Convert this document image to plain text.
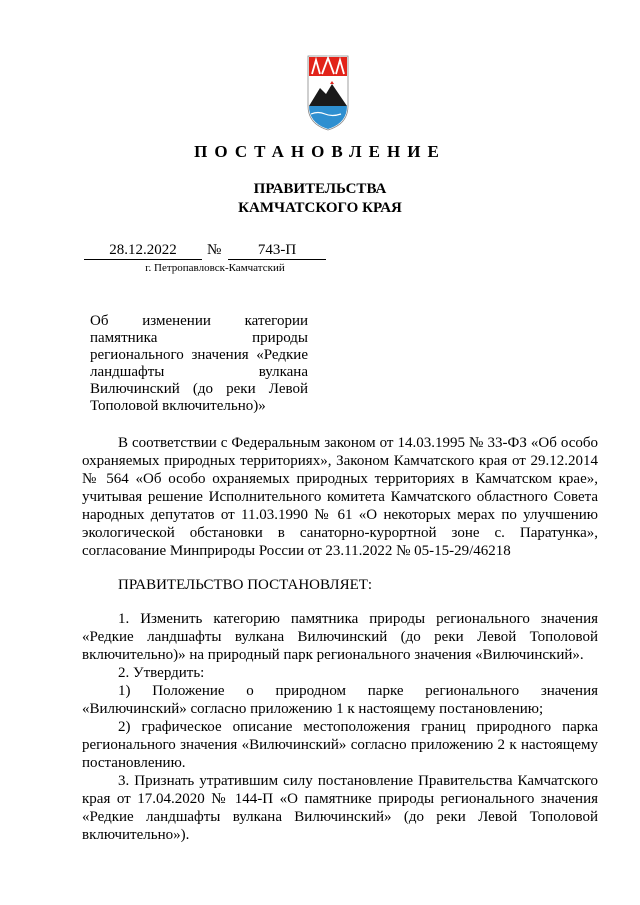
ПОСТАНОВЛЕНИЕ
ПРАВИТЕЛЬСТВА
КАМЧАТСКОГО КРАЯ
28.12.2022	№	743-П
г. Петропавловск-Камчатский
Об изменении категории памятника природы регионального значения «Редкие ландшафты вулкана Вилючинский (до реки Левой Тополовой включительно)»

В соответствии с Федеральным законом от 14.03.1995 № 33-ФЗ «Об особо охраняемых природных территориях», Законом Камчатского края от 29.12.2014 № 564 «Об особо охраняемых природных территориях в Камчатском крае», учитывая решение Исполнительного комитета Камчатского областного Совета народных депутатов от 11.03.1990 № 61 «О некоторых мерах по улучшению экологической обстановки в санаторно-курортной зоне с. Паратунка», согласование Минприроды России от 23.11.2022 № 05-15-29/46218

ПРАВИТЕЛЬСТВО ПОСТАНОВЛЯЕТ:

1. Изменить категорию памятника природы регионального значения «Редкие ландшафты вулкана Вилючинский (до реки Левой Тополовой включительно)» на природный парк регионального значения «Вилючинский».

2. Утвердить:

1) Положение о природном парке регионального значения «Вилючинский» согласно приложению 1 к настоящему постановлению;

2) графическое описание местоположения границ природного парка регионального значения «Вилючинский» согласно приложению 2 к настоящему постановлению.

3. Признать утратившим силу постановление Правительства Камчатского края от 17.04.2020 № 144-П «О памятнике природы регионального значения «Редкие ландшафты вулкана Вилючинский» (до реки Левой Тополовой включительно»).
